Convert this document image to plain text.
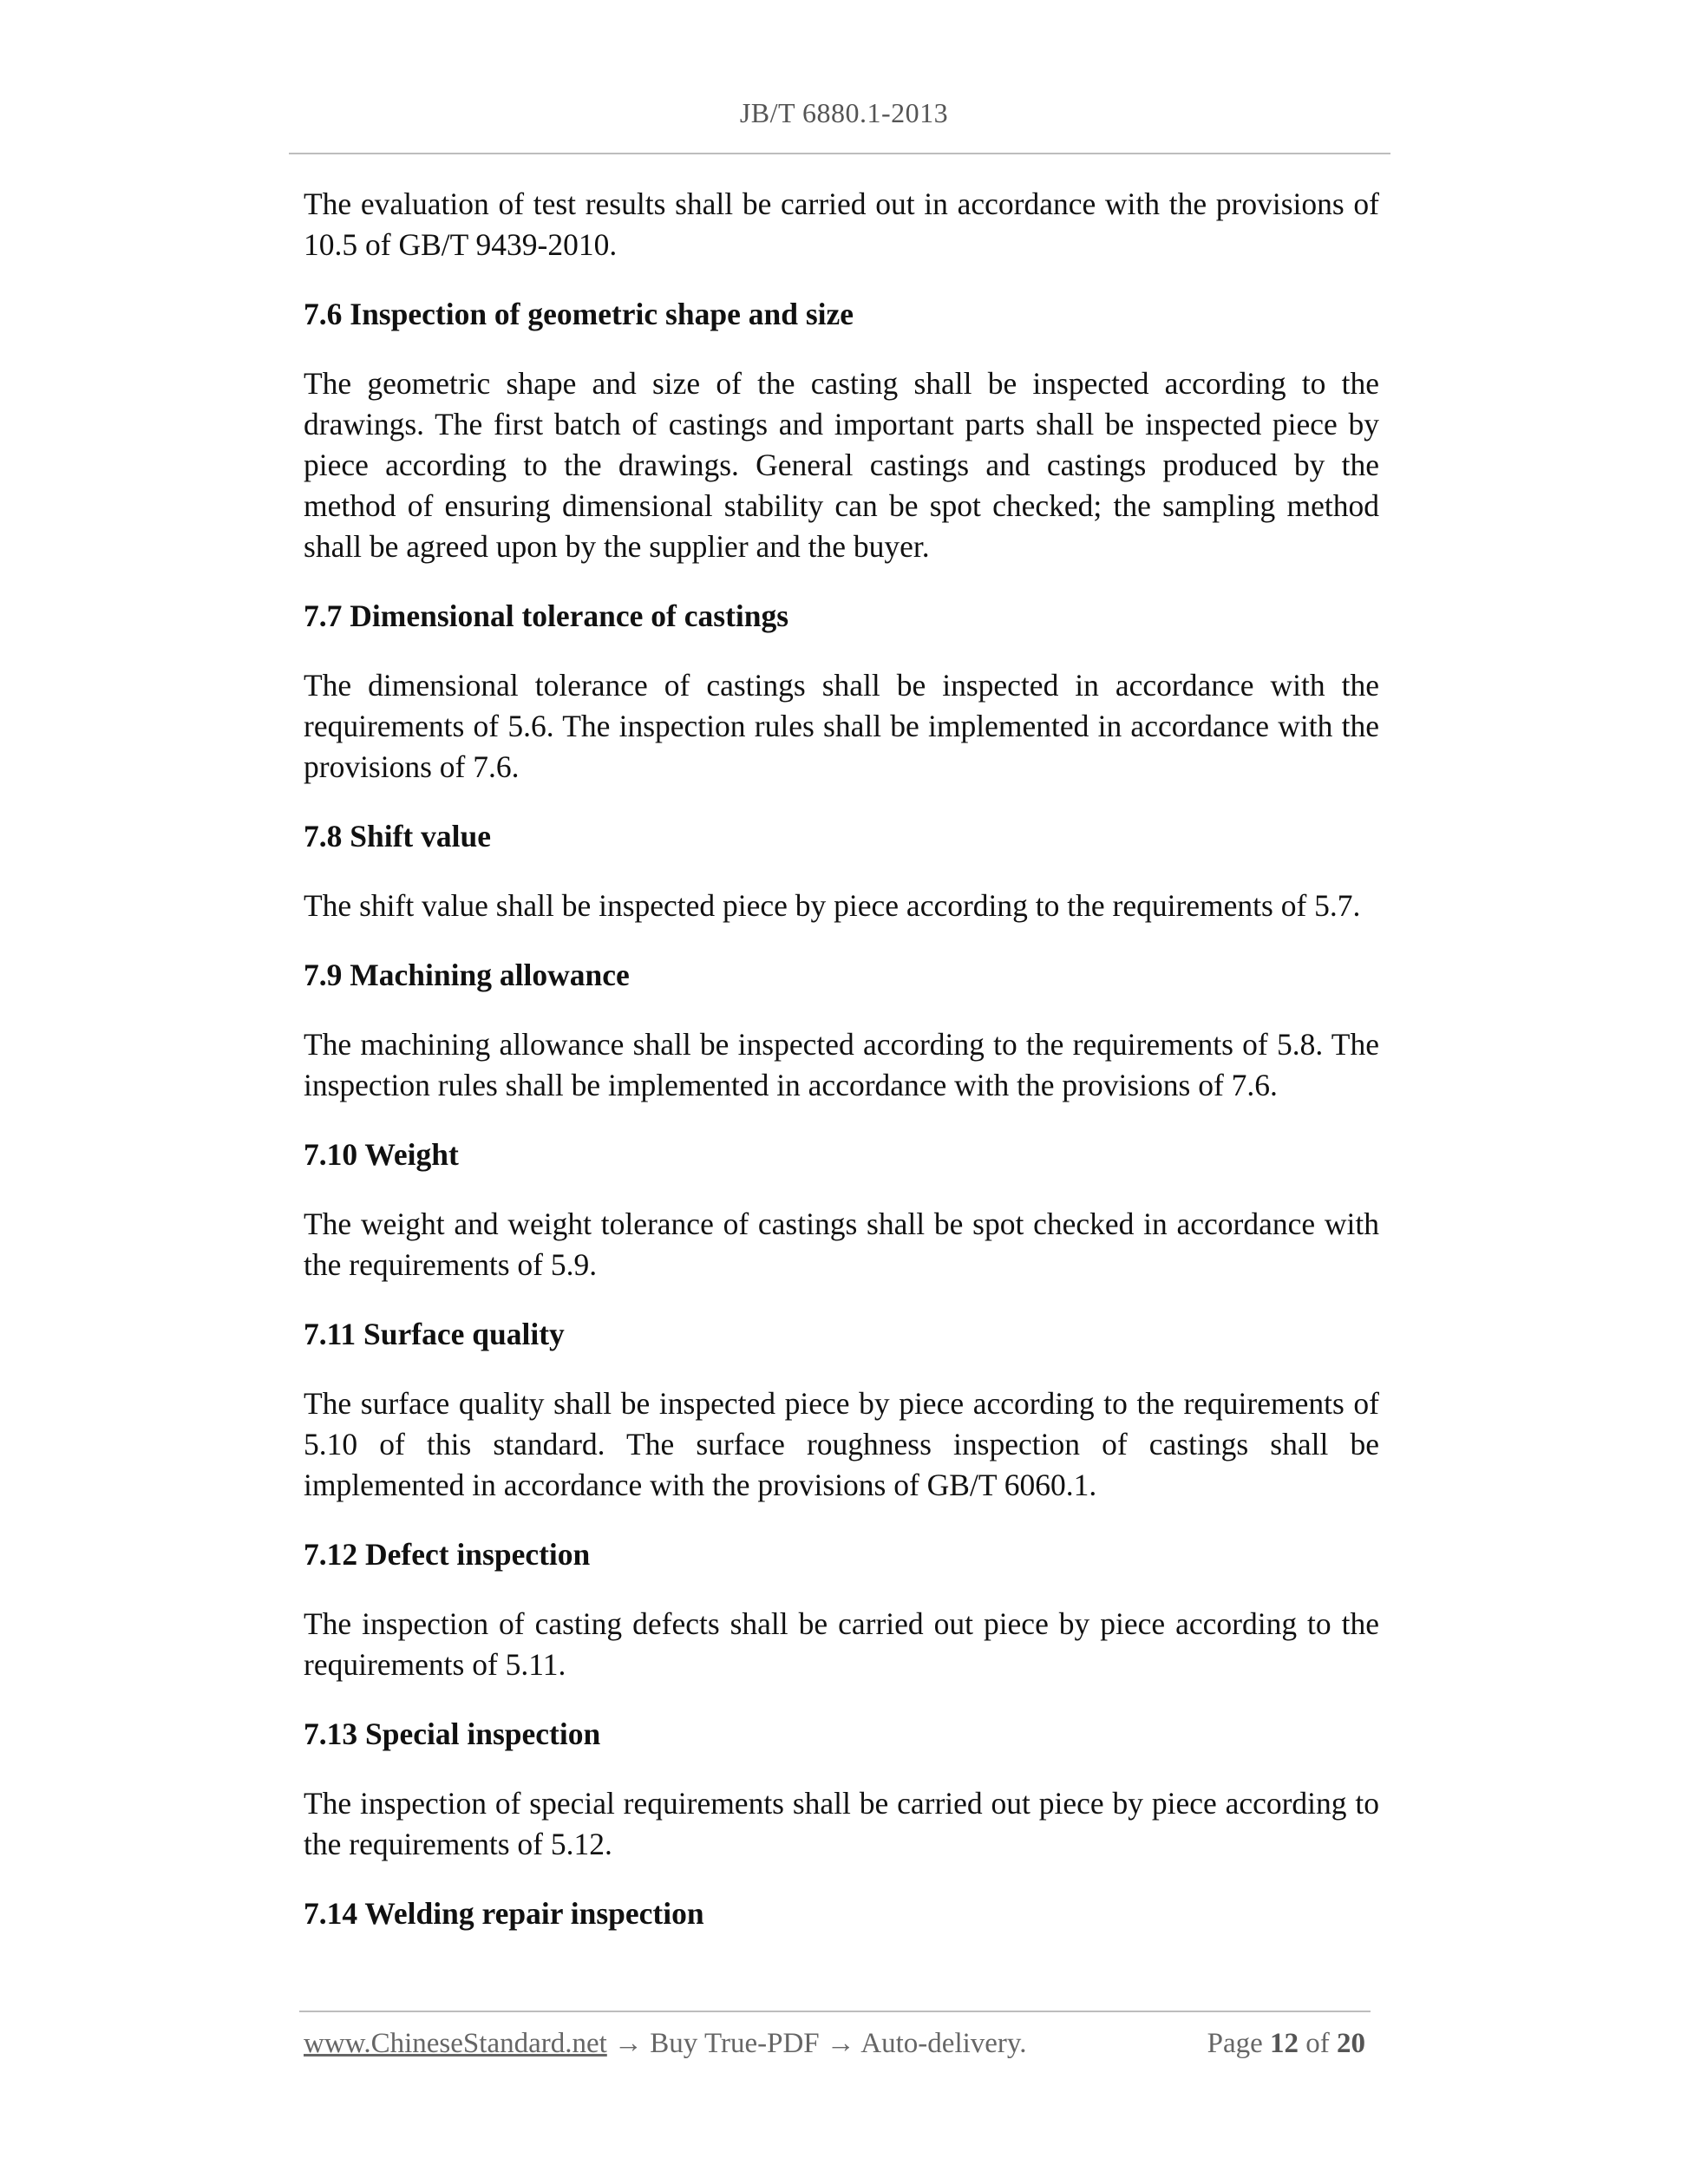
JB/T 6880.1-2013

The evaluation of test results shall be carried out in accordance with the provisions of 10.5 of GB/T 9439-2010.

7.6 Inspection of geometric shape and size

The geometric shape and size of the casting shall be inspected according to the drawings. The first batch of castings and important parts shall be inspected piece by piece according to the drawings. General castings and castings produced by the method of ensuring dimensional stability can be spot checked; the sampling method shall be agreed upon by the supplier and the buyer.

7.7 Dimensional tolerance of castings

The dimensional tolerance of castings shall be inspected in accordance with the requirements of 5.6. The inspection rules shall be implemented in accordance with the provisions of 7.6.

7.8 Shift value

The shift value shall be inspected piece by piece according to the requirements of 5.7.

7.9 Machining allowance

The machining allowance shall be inspected according to the requirements of 5.8. The inspection rules shall be implemented in accordance with the provisions of 7.6.

7.10 Weight

The weight and weight tolerance of castings shall be spot checked in accordance with the requirements of 5.9.

7.11 Surface quality

The surface quality shall be inspected piece by piece according to the requirements of 5.10 of this standard. The surface roughness inspection of castings shall be implemented in accordance with the provisions of GB/T 6060.1.

7.12 Defect inspection

The inspection of casting defects shall be carried out piece by piece according to the requirements of 5.11.

7.13 Special inspection

The inspection of special requirements shall be carried out piece by piece according to the requirements of 5.12.

7.14 Welding repair inspection
www.ChineseStandard.net → Buy True-PDF → Auto-delivery.	Page 12 of 20
